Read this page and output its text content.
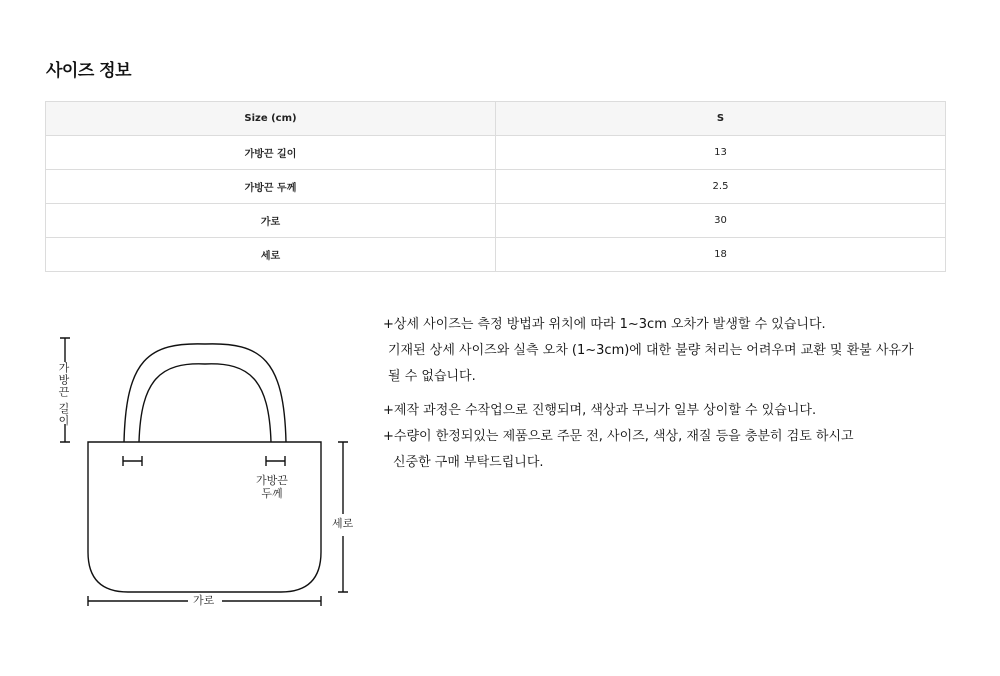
사이즈 정보
Size (cm)	S
가방끈 길이	13
가방끈 두께	2.5
가로	30
세로	18
가방끈 길이
가방끈
두께
세로
가로

+상세 사이즈는 측정 방법과 위치에 따라 1~3cm 오차가 발생할 수 있습니다.

기재된 상세 사이즈와 실측 오차 (1~3cm)에 대한 불량 처리는 어려우며 교환 및 환불 사유가

될 수 없습니다.

+제작 과정은 수작업으로 진행되며, 색상과 무늬가 일부 상이할 수 있습니다.

+수량이 한정되있는 제품으로 주문 전, 사이즈, 색상, 재질 등을 충분히 검토 하시고

신중한 구매 부탁드립니다.
